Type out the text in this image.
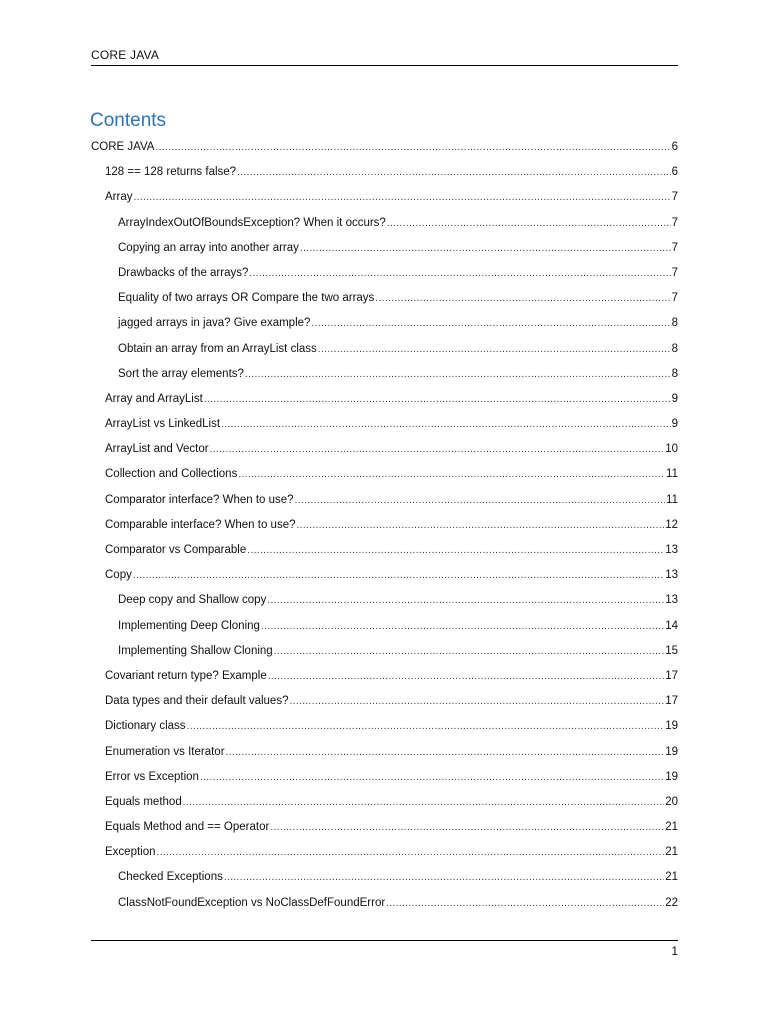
CORE JAVA
Contents
CORE JAVA .....	6
128 == 128 returns false? .....	6
Array .....	7
ArrayIndexOutOfBoundsException? When it occurs? .....	7
Copying an array into another array .....	7
Drawbacks of the arrays? .....	7
Equality of two arrays OR Compare the two arrays .....	7
jagged arrays in java? Give example? .....	8
Obtain an array from an ArrayList class .....	8
Sort the array elements? .....	8
Array and ArrayList .....	9
ArrayList vs LinkedList .....	9
ArrayList and Vector .....	10
Collection and Collections .....	11
Comparator interface? When to use? .....	11
Comparable interface? When to use? .....	12
Comparator vs Comparable .....	13
Copy .....	13
Deep copy and Shallow copy .....	13
Implementing Deep Cloning .....	14
Implementing Shallow Cloning .....	15
Covariant return type? Example .....	17
Data types and their default values? .....	17
Dictionary class .....	19
Enumeration vs Iterator .....	19
Error vs Exception .....	19
Equals method .....	20
Equals Method and == Operator .....	21
Exception .....	21
Checked Exceptions .....	21
ClassNotFoundException vs NoClassDefFoundError .....	22
1
